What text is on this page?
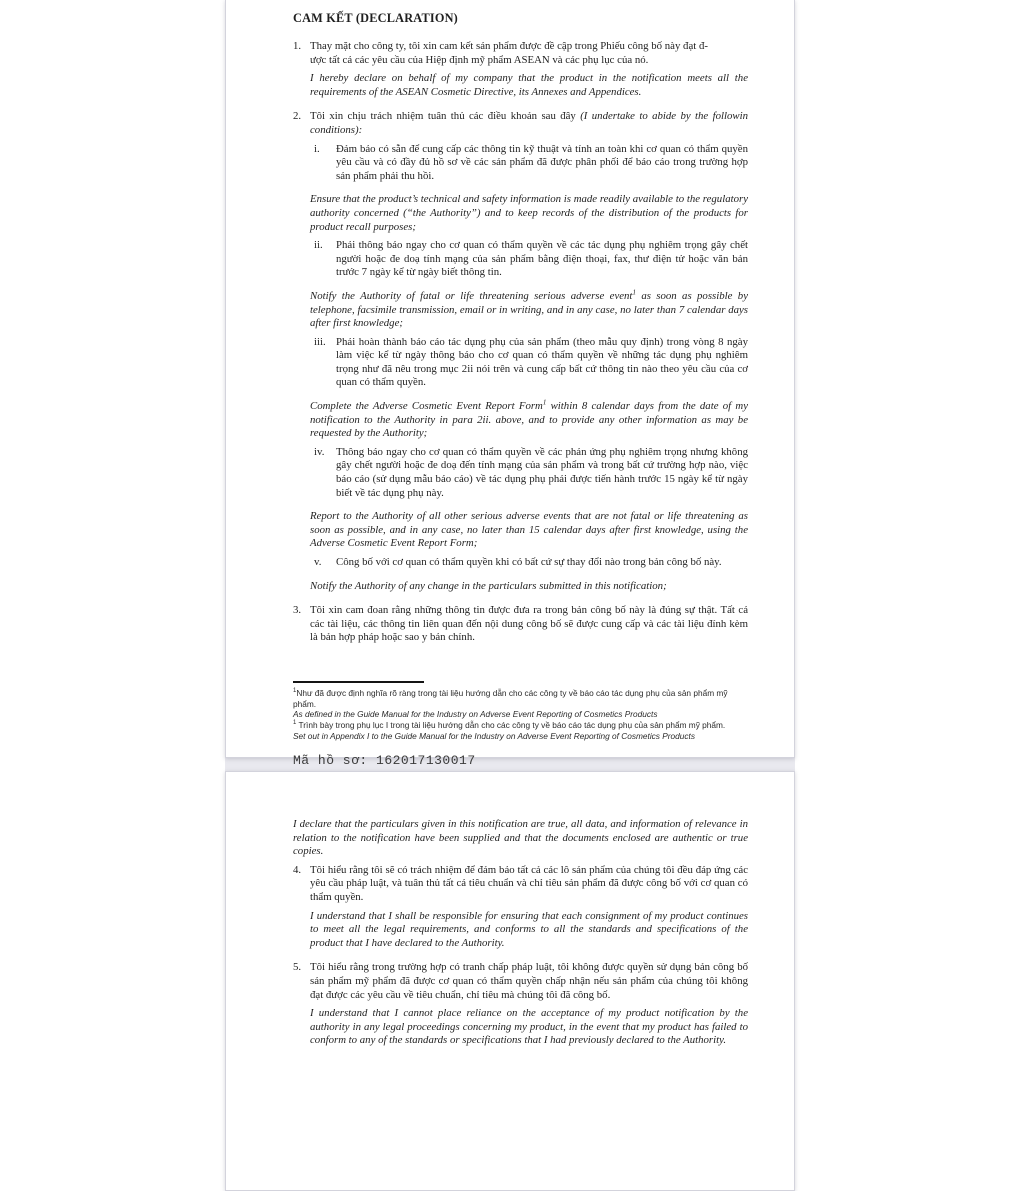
CAM KẾT (DECLARATION)
1. Thay mặt cho công ty, tôi xin cam kết sản phẩm được đề cập trong Phiếu công bố này đạt đ-
ược tất cả các yêu cầu của Hiệp định mỹ phẩm ASEAN và các phụ lục của nó.

I hereby declare on behalf of my company that the product in the notification meets all the requirements of the ASEAN Cosmetic Directive, its Annexes and Appendices.

2. Tôi xin chịu trách nhiệm tuân thủ các điều khoản sau đây (I undertake to abide by the followin conditions):

i.	Đảm bảo có sẵn để cung cấp các thông tin kỹ thuật và tính an toàn khi cơ quan có thẩm quyền yêu cầu và có đầy đủ hồ sơ về các sản phẩm đã được phân phối để báo cáo trong trường hợp sản phẩm phải thu hồi.

Ensure that the product’s technical and safety information is made readily available to the regulatory authority concerned (“the Authority”) and to keep records of the distribution of the products for product recall purposes;

ii.	Phải thông báo ngay cho cơ quan có thẩm quyền về các tác dụng phụ nghiêm trọng gây chết người hoặc đe doạ tính mạng của sản phẩm bằng điện thoại, fax, thư điện tử hoặc văn bản trước 7 ngày kể từ ngày biết thông tin.

Notify the Authority of fatal or life threatening serious adverse event$^1$ as soon as possible by telephone, facsimile transmission, email or in writing, and in any case, no later than 7 calendar days after first knowledge;

iii. Phải hoàn thành báo cáo tác dụng phụ của sản phẩm (theo mẫu quy định) trong vòng 8 ngày làm việc kể từ ngày thông báo cho cơ quan có thẩm quyền về những tác dụng phụ nghiêm trọng như đã nêu trong mục 2ii nói trên và cung cấp bất cứ thông tin nào theo yêu cầu của cơ quan có thẩm quyền.

Complete the Adverse Cosmetic Event Report Form$^1$ within 8 calendar days from the date of my notification to the Authority in para 2ii. above, and to provide any other information as may be requested by the Authority;

iv.	Thông báo ngay cho cơ quan có thẩm quyền về các phản ứng phụ nghiêm trọng nhưng không gây chết người hoặc đe doạ đến tính mạng của sản phẩm và trong bất cứ trường hợp nào, việc báo cáo (sử dụng mẫu báo cáo) về tác dụng phụ phải được tiến hành trước 15 ngày kể từ ngày biết về tác dụng phụ này.

Report to the Authority of all other serious adverse events that are not fatal or life threatening as soon as possible, and in any case, no later than 15 calendar days after first knowledge, using the Adverse Cosmetic Event Report Form;

v.	Công bố với cơ quan có thẩm quyền khi có bất cứ sự thay đổi nào trong bản công bố này.

Notify the Authority of any change in the particulars submitted in this notification;

3. Tôi xin cam đoan rằng những thông tin được đưa ra trong bản công bố này là đúng sự thật. Tất cả các tài liệu, các thông tin liên quan đến nội dung công bố sẽ được cung cấp và các tài liệu đính kèm là bản hợp pháp hoặc sao y bản chính.

$^1$Như đã được định nghĩa rõ ràng trong tài liệu hướng dẫn cho các công ty về báo cáo tác dụng phụ của sản phẩm mỹ phẩm.

As defined in the Guide Manual for the Industry on Adverse Event Reporting of Cosmetics Products

$^1$ Trình bày trong phụ lục I trong tài liệu hướng dẫn cho các công ty về báo cáo tác dụng phụ của sản phẩm mỹ phẩm.

Set out in Appendix I to the Guide Manual for the Industry on Adverse Event Reporting of Cosmetics Products

Mã hồ sơ: 162017130017

I declare that the particulars given in this notification are true, all data, and information of relevance in relation to the notification have been supplied and that the documents enclosed are authentic or true copies.

4. Tôi hiểu rằng tôi sẽ có trách nhiệm để đảm bảo tất cả các lô sản phẩm của chúng tôi đều đáp ứng các yêu cầu pháp luật, và tuân thủ tất cả tiêu chuẩn và chỉ tiêu sản phẩm đã được công bố với cơ quan có thẩm quyền.

I understand that I shall be responsible for ensuring that each consignment of my product continues to meet all the legal requirements, and conforms to all the standards and specifications of the product that I have declared to the Authority.

5. Tôi hiểu rằng trong trường hợp có tranh chấp pháp luật, tôi không được quyền sử dụng bản công bố sản phẩm mỹ phẩm đã được cơ quan có thẩm quyền chấp nhận nếu sản phẩm của chúng tôi không đạt được các yêu cầu về tiêu chuẩn, chỉ tiêu mà chúng tôi đã công bố.

I understand that I cannot place reliance on the acceptance of my product notification by the authority in any legal proceedings concerning my product, in the event that my product has failed to conform to any of the standards or specifications that I had previously declared to the Authority.
